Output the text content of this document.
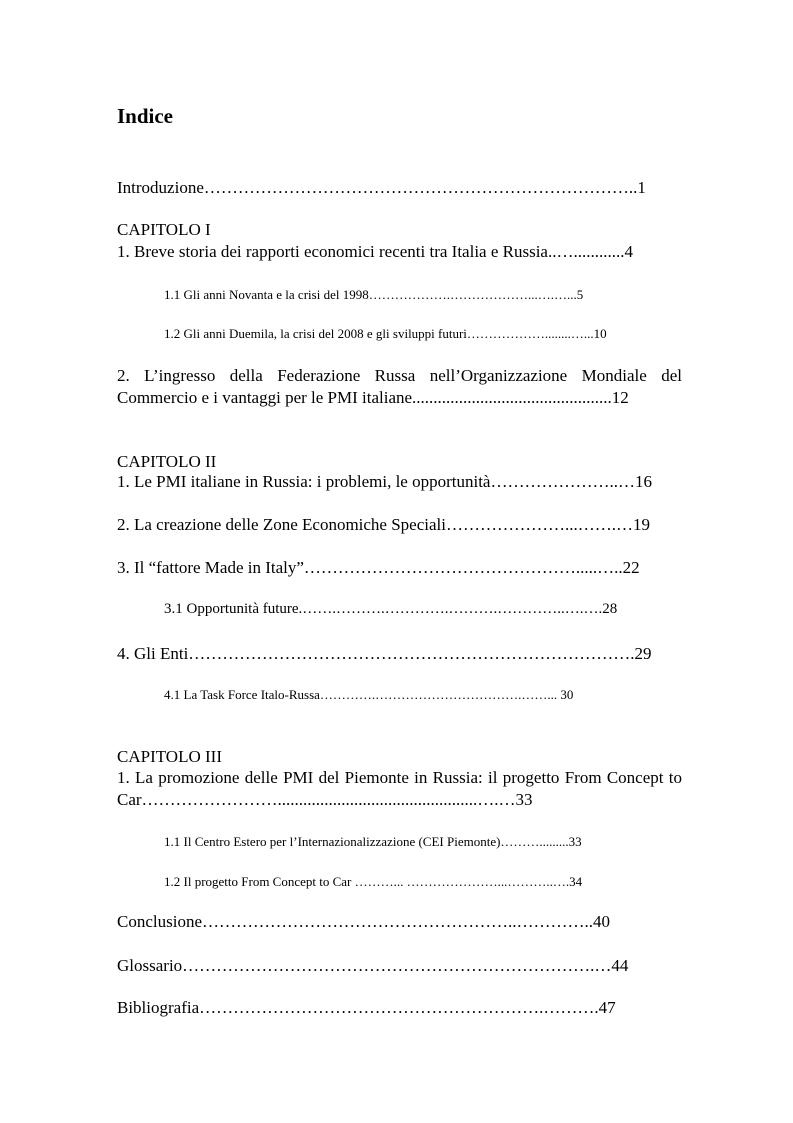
Indice
Introduzione…………………………………………………………………..1
CAPITOLO I
1. Breve storia dei rapporti economici recenti tra Italia e Russia..…............4
1.1 Gli anni Novanta e la crisi del 1998……………….………………...….…...5
1.2 Gli anni Duemila, la crisi del 2008 e gli sviluppi futuri………………........…...10
2. L’ingresso della Federazione Russa nell’Organizzazione Mondiale del Commercio e i vantaggi per le PMI italiane...............................................12
CAPITOLO II
1. Le PMI italiane in Russia: i problemi, le opportunità…………………..…16
2. La creazione delle Zone Economiche Speciali…………………...…….…19
3. Il “fattore Made in Italy”………………………………………….....…..22
3.1 Opportunità future.…….……….………….……….…………..….….28
4. Gli Enti…………………………………………………………………….29
4.1 La Task Force Italo-Russa………….…………………………….……... 30
CAPITOLO III
1. La promozione delle PMI del Piemonte in Russia: il progetto From Concept to Car……………………...............................................….…33
1.1 Il Centro Estero per l’Internazionalizzazione (CEI Piemonte)……….........33
1.2 Il progetto From Concept to Car ………... …………………...………..….34
Conclusione………………………………………………..…………..40
Glossario……………………………………………………………….…44
Bibliografia…………………………………………………….……….47
